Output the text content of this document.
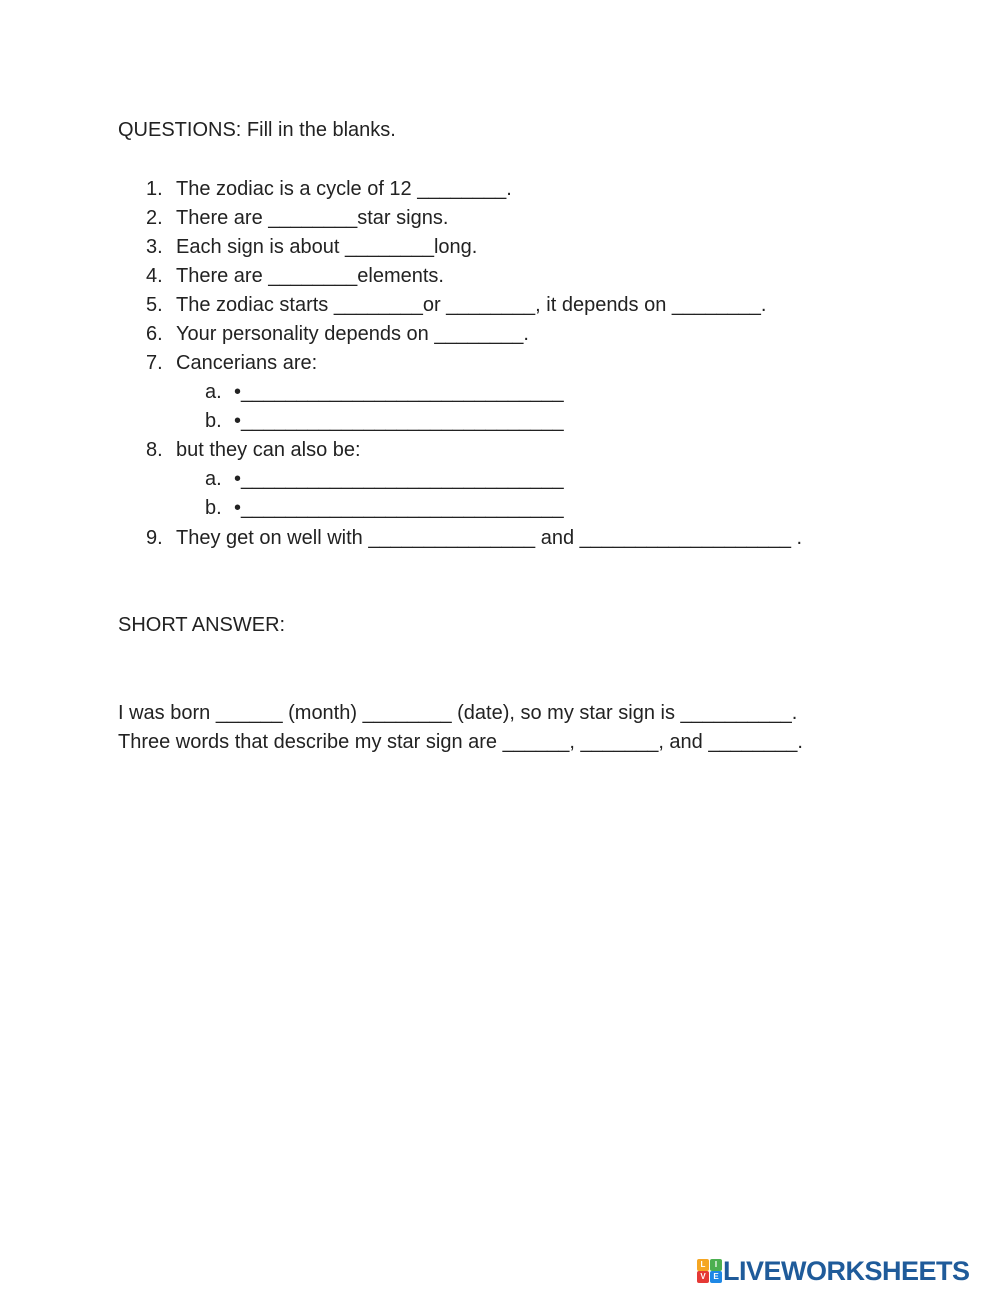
QUESTIONS: Fill in the blanks.
1. The zodiac is a cycle of 12 ________.
2. There are ________star signs.
3. Each sign is about ________long.
4. There are ________elements.
5. The zodiac starts ________or ________, it depends on ________.
6. Your personality depends on ________.
7. Cancerians are:
a. •_____________________________
b. •_____________________________
8. but they can also be:
a. •_____________________________
b. •_____________________________
9. They get on well with _______________ and ___________________ .
SHORT ANSWER:
I was born ______ (month) ________ (date), so my star sign is __________.
Three words that describe my star sign are ______, _______, and ________.
L	I
V E LIVEWORKSHEETS
